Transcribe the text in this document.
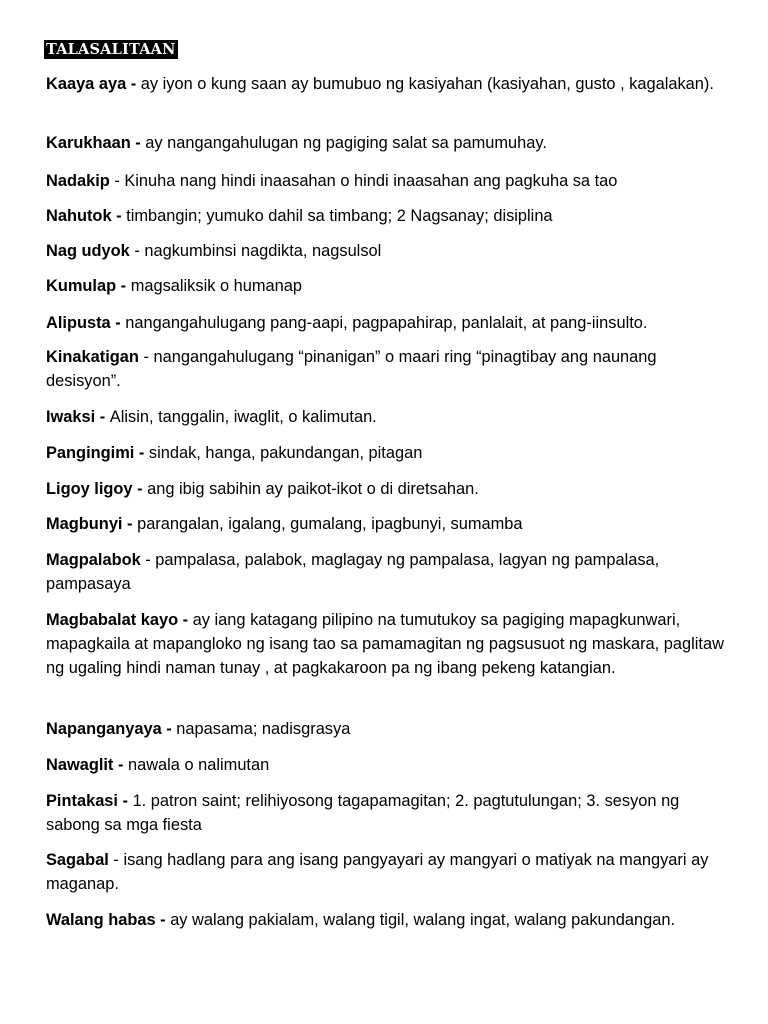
TALASALITAAN
Kaaya aya - ay iyon o kung saan ay bumubuo ng kasiyahan (kasiyahan, gusto , kagalakan).
Karukhaan - ay nangangahulugan ng pagiging salat sa pamumuhay.
Nadakip - Kinuha nang hindi inaasahan o hindi inaasahan ang pagkuha sa tao
Nahutok - timbangin; yumuko dahil sa timbang; 2 Nagsanay; disiplina
Nag udyok - nagkumbinsi nagdikta, nagsulsol
Kumulap - magsaliksik o humanap
Alipusta - nangangahulugang pang-aapi, pagpapahirap, panlalait, at pang-iinsulto.
Kinakatigan - nangangahulugang “pinanigan” o maari ring “pinagtibay ang naunang desisyon”.
Iwaksi - Alisin, tanggalin, iwaglit, o kalimutan.
Pangingimi - sindak, hanga, pakundangan, pitagan
Ligoy ligoy - ang ibig sabihin ay paikot-ikot o di diretsahan.
Magbunyi - parangalan, igalang, gumalang, ipagbunyi, sumamba
Magpalabok - pampalasa, palabok, maglagay ng pampalasa, lagyan ng pampalasa, pampasaya
Magbabalat kayo - ay iang katagang pilipino na tumutukoy sa pagiging mapagkunwari, mapagkaila at mapangloko ng isang tao sa pamamagitan ng pagsusuot ng maskara, paglitaw ng ugaling hindi naman tunay , at pagkakaroon pa ng ibang pekeng katangian.
Napanganyaya - napasama; nadisgrasya
Nawaglit - nawala o nalimutan
Pintakasi - 1. patron saint; relihiyosong tagapamagitan; 2. pagtutulungan; 3. sesyon ng sabong sa mga fiesta
Sagabal - isang hadlang para ang isang pangyayari ay mangyari o matiyak na mangyari ay maganap.
Walang habas - ay walang pakialam, walang tigil, walang ingat, walang pakundangan.
